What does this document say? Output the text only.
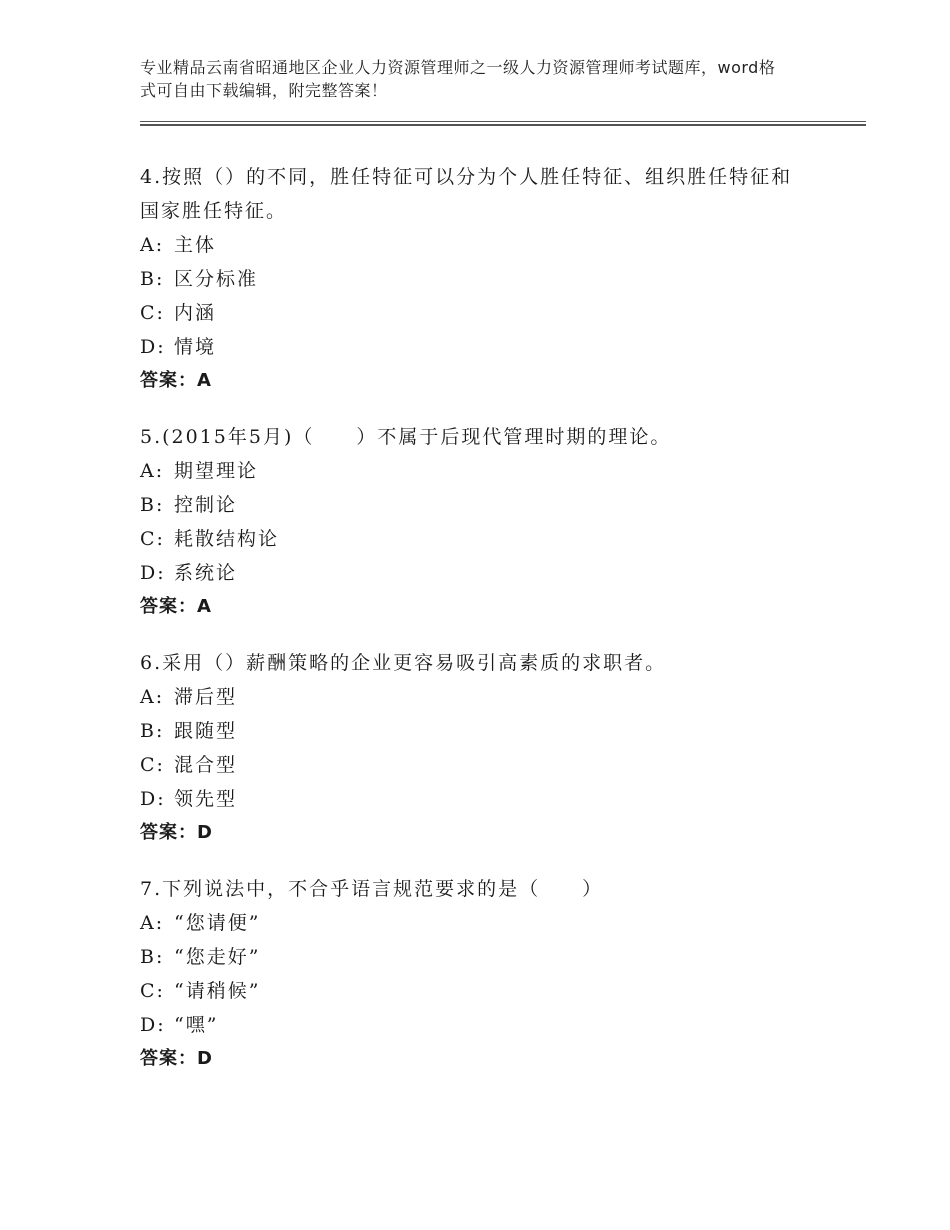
专业精品云南省昭通地区企业人力资源管理师之一级人力资源管理师考试题库，word格式可自由下载编辑，附完整答案！

4.按照（）的不同，胜任特征可以分为个人胜任特征、组织胜任特征和国家胜任特征。

A: 主体

B: 区分标准

C: 内涵

D: 情境

答案：A

5.(2015年5月)（　　）不属于后现代管理时期的理论。

A: 期望理论

B: 控制论

C: 耗散结构论

D: 系统论

答案：A

6.采用（）薪酬策略的企业更容易吸引高素质的求职者。

A: 滞后型

B: 跟随型

C: 混合型

D: 领先型

答案：D

7.下列说法中，不合乎语言规范要求的是（　　）

A: “您请便”

B: “您走好”

C: “请稍候”

D: “嘿”

答案：D
